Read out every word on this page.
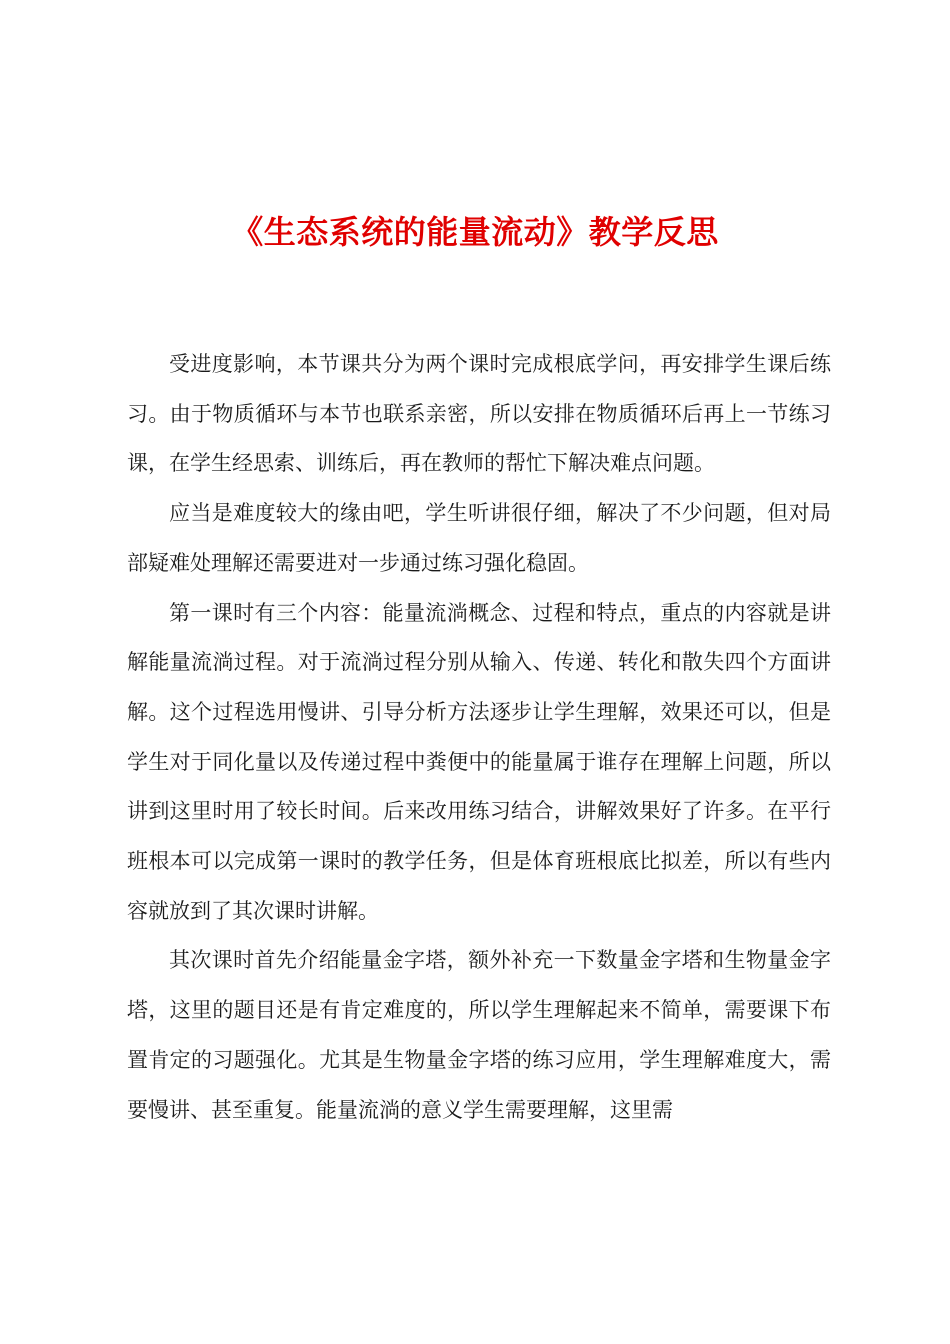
《生态系统的能量流动》教学反思

受进度影响，本节课共分为两个课时完成根底学问，再安排学生课后练习。由于物质循环与本节也联系亲密，所以安排在物质循环后再上一节练习课，在学生经思索、训练后，再在教师的帮忙下解决难点问题。

应当是难度较大的缘由吧，学生听讲很仔细，解决了不少问题，但对局部疑难处理解还需要进对一步通过练习强化稳固。

第一课时有三个内容：能量流淌概念、过程和特点，重点的内容就是讲解能量流淌过程。对于流淌过程分别从输入、传递、转化和散失四个方面讲解。这个过程选用慢讲、引导分析方法逐步让学生理解，效果还可以，但是学生对于同化量以及传递过程中粪便中的能量属于谁存在理解上问题，所以讲到这里时用了较长时间。后来改用练习结合，讲解效果好了许多。在平行班根本可以完成第一课时的教学任务，但是体育班根底比拟差，所以有些内容就放到了其次课时讲解。

其次课时首先介绍能量金字塔，额外补充一下数量金字塔和生物量金字塔，这里的题目还是有肯定难度的，所以学生理解起来不简单，需要课下布置肯定的习题强化。尤其是生物量金字塔的练习应用，学生理解难度大，需要慢讲、甚至重复。能量流淌的意义学生需要理解，这里需
